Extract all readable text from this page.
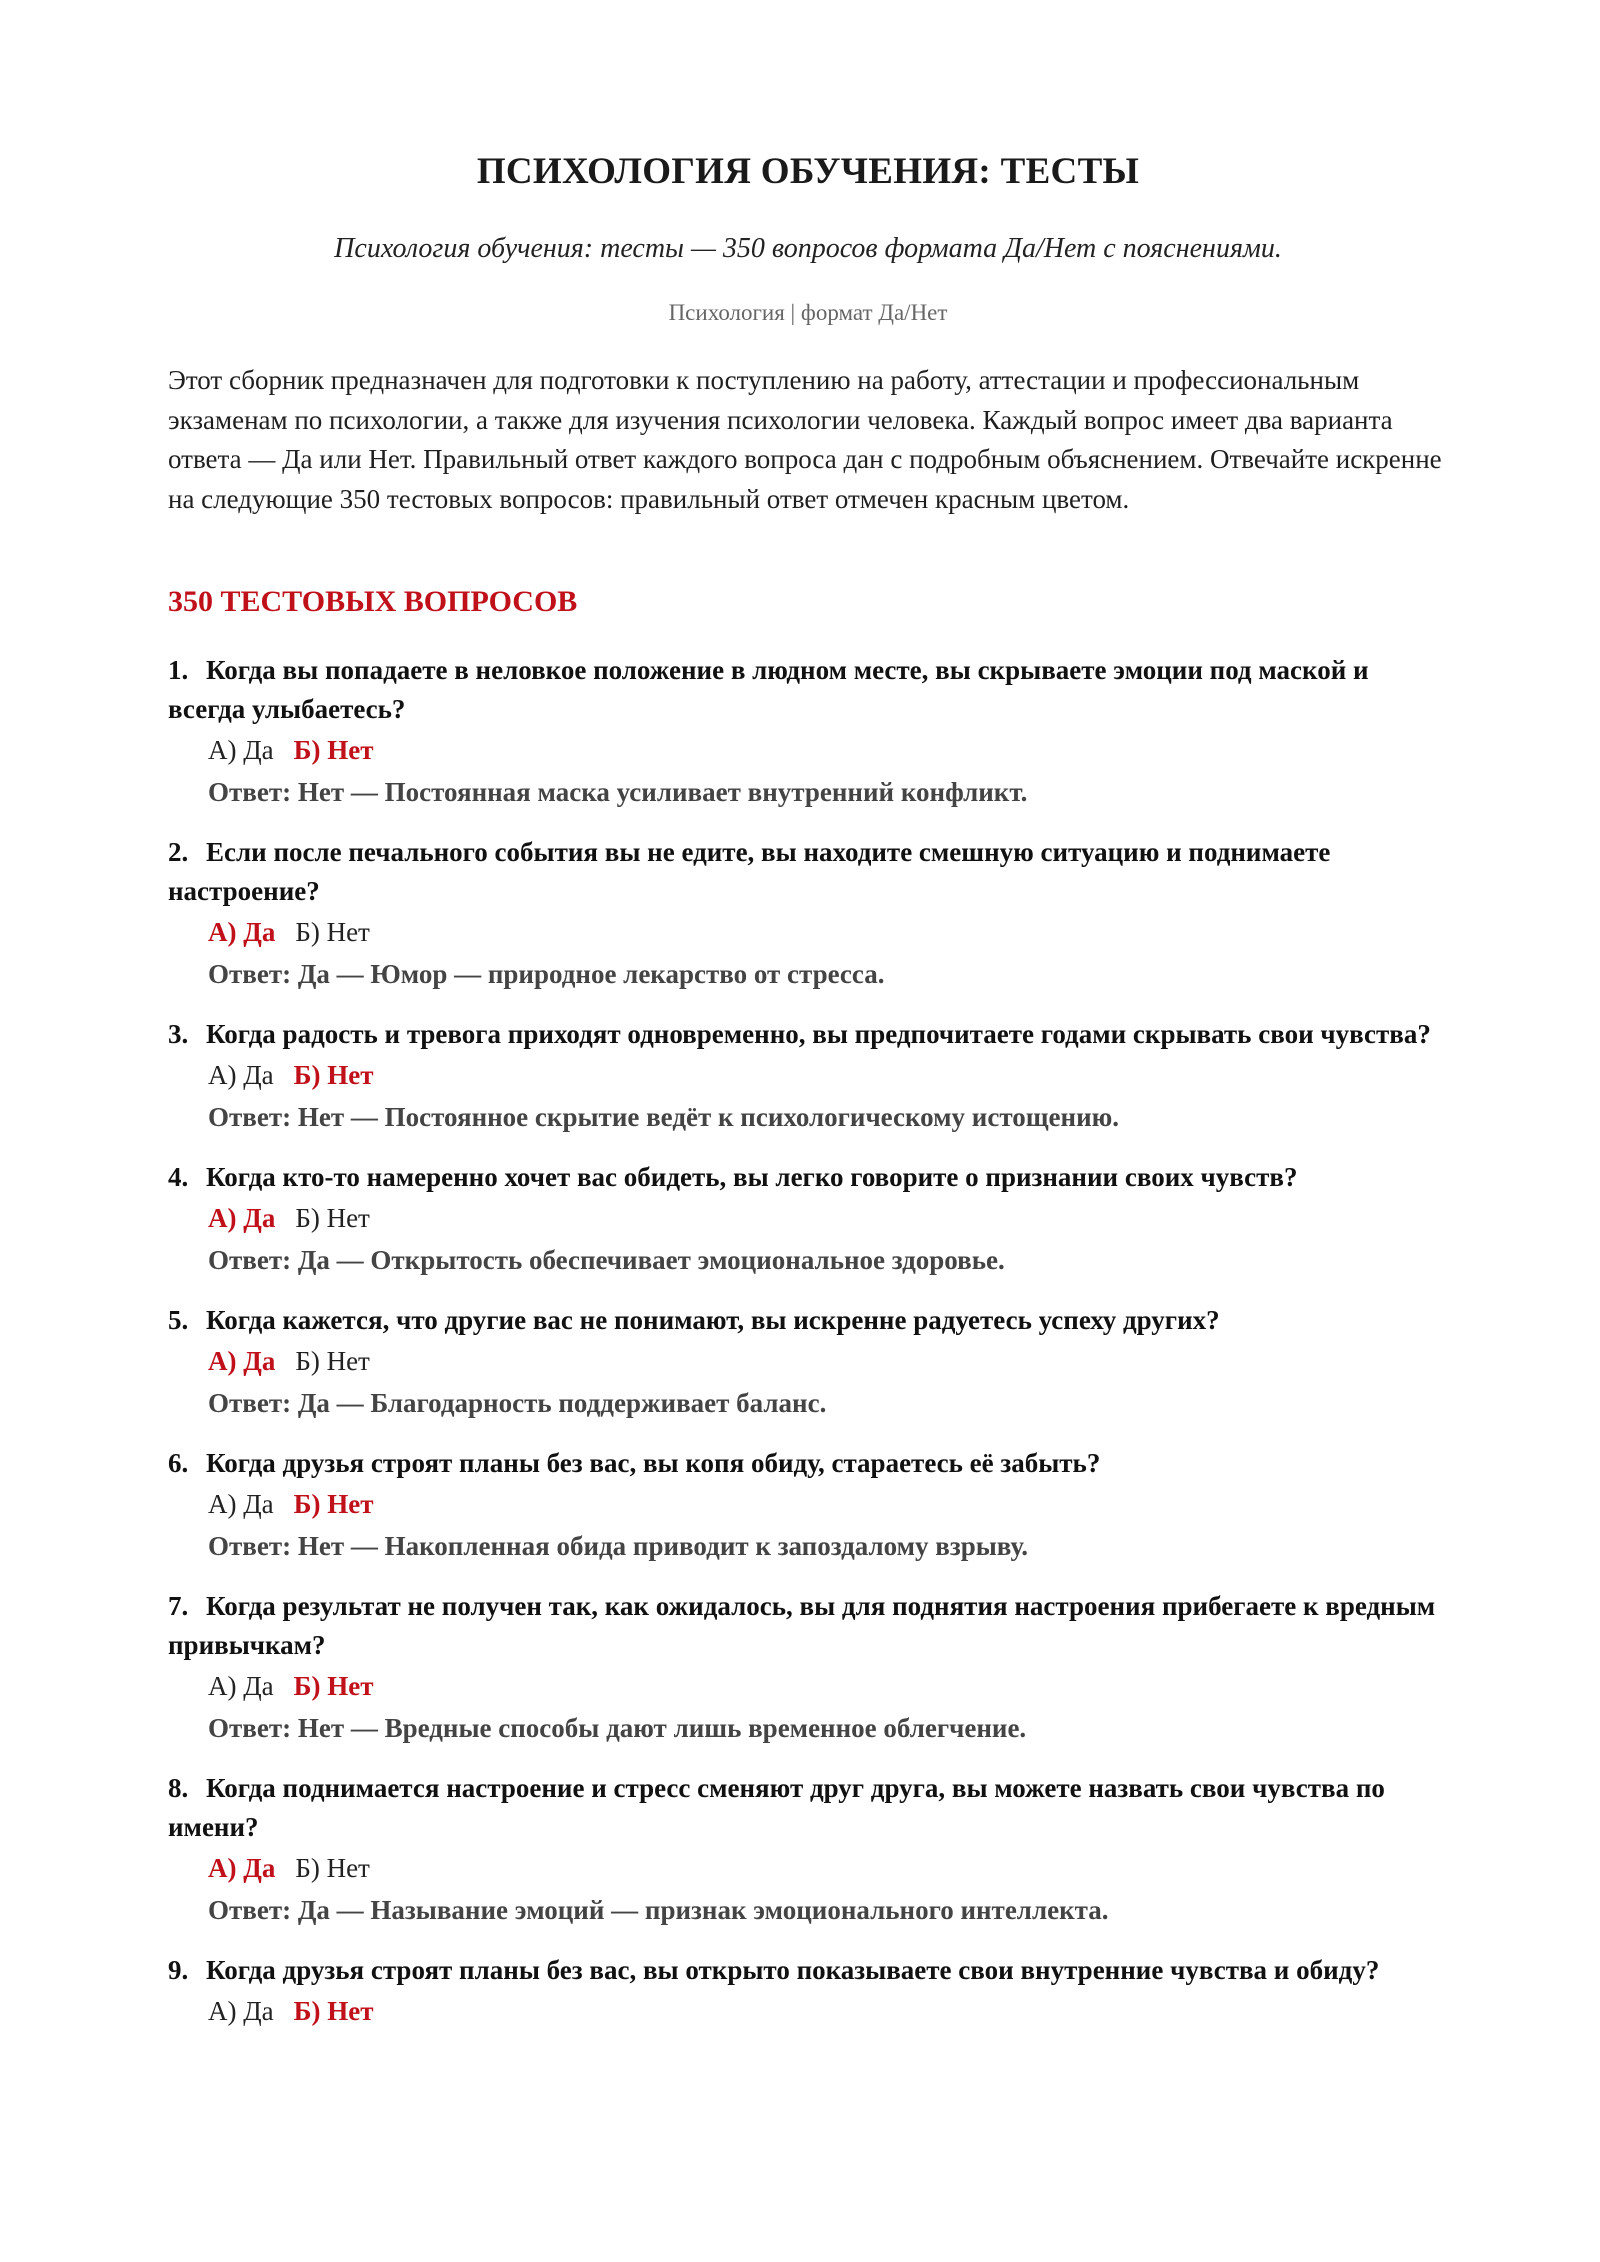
ПСИХОЛОГИЯ ОБУЧЕНИЯ: ТЕСТЫ
Психология обучения: тесты — 350 вопросов формата Да/Нет с пояснениями.
Психология | формат Да/Нет
Этот сборник предназначен для подготовки к поступлению на работу, аттестации и профессиональным экзаменам по психологии, а также для изучения психологии человека. Каждый вопрос имеет два варианта ответа — Да или Нет. Правильный ответ каждого вопроса дан с подробным объяснением. Отвечайте искренне на следующие 350 тестовых вопросов: правильный ответ отмечен красным цветом.
350 ТЕСТОВЫХ ВОПРОСОВ
1. Когда вы попадаете в неловкое положение в людном месте, вы скрываете эмоции под маской и всегда улыбаетесь?
А) Да Б) Нет
Ответ: Нет — Постоянная маска усиливает внутренний конфликт.
2. Если после печального события вы не едите, вы находите смешную ситуацию и поднимаете настроение?
А) Да Б) Нет
Ответ: Да — Юмор — природное лекарство от стресса.
3. Когда радость и тревога приходят одновременно, вы предпочитаете годами скрывать свои чувства?
А) Да Б) Нет
Ответ: Нет — Постоянное скрытие ведёт к психологическому истощению.
4. Когда кто-то намеренно хочет вас обидеть, вы легко говорите о признании своих чувств?
А) Да Б) Нет
Ответ: Да — Открытость обеспечивает эмоциональное здоровье.
5. Когда кажется, что другие вас не понимают, вы искренне радуетесь успеху других?
А) Да Б) Нет
Ответ: Да — Благодарность поддерживает баланс.
6. Когда друзья строят планы без вас, вы копя обиду, стараетесь её забыть?
А) Да Б) Нет
Ответ: Нет — Накопленная обида приводит к запоздалому взрыву.
7. Когда результат не получен так, как ожидалось, вы для поднятия настроения прибегаете к вредным привычкам?
А) Да Б) Нет
Ответ: Нет — Вредные способы дают лишь временное облегчение.
8. Когда поднимается настроение и стресс сменяют друг друга, вы можете назвать свои чувства по имени?
А) Да Б) Нет
Ответ: Да — Называние эмоций — признак эмоционального интеллекта.
9. Когда друзья строят планы без вас, вы открыто показываете свои внутренние чувства и обиду?
А) Да Б) Нет
